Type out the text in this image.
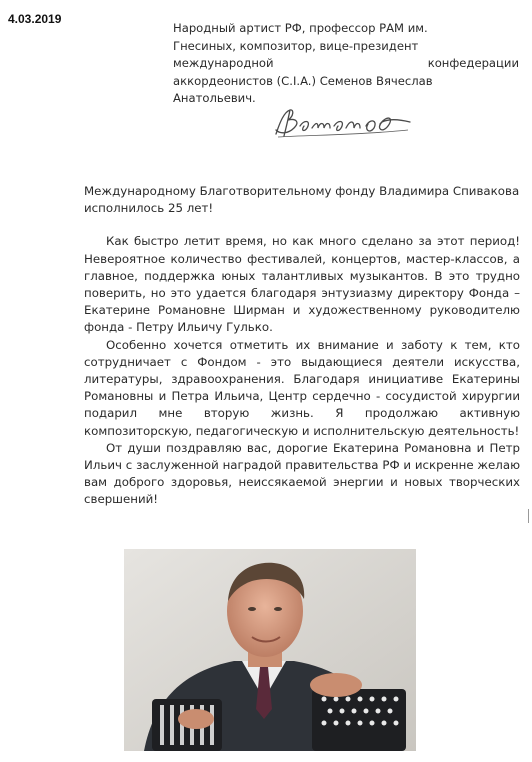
4.03.2019
Народный артист РФ, профессор РАМ им.
Гнесиных, композитор, вице-президент
международной конфедерации
аккордеонистов (С.I.A.) Семенов Вячеслав
Анатольевич.

Международному Благотворительному фонду Владимира Спивакова исполнилось 25 лет!

Как быстро летит время, но как много сделано за этот период! Невероятное количество фестивалей, концертов, мастер-классов, а главное, поддержка юных талантливых музыкантов. В это трудно поверить, но это удается благодаря энтузиазму директору Фонда – Екатерине Романовне Ширман и художественному руководителю фонда - Петру Ильичу Гулько.

Особенно хочется отметить их внимание и заботу к тем, кто сотрудничает с Фондом - это выдающиеся деятели искусства, литературы, здравоохранения. Благодаря инициативе Екатерины Романовны и Петра Ильича, Центр сердечно - сосудистой хирургии подарил мне вторую жизнь. Я продолжаю активную композиторскую, педагогическую и исполнительскую деятельность!

От души поздравляю вас, дорогие Екатерина Романовна и Петр Ильич с заслуженной наградой правительства РФ и искренне желаю вам доброго здоровья, неиссякаемой энергии и новых творческих свершений!
